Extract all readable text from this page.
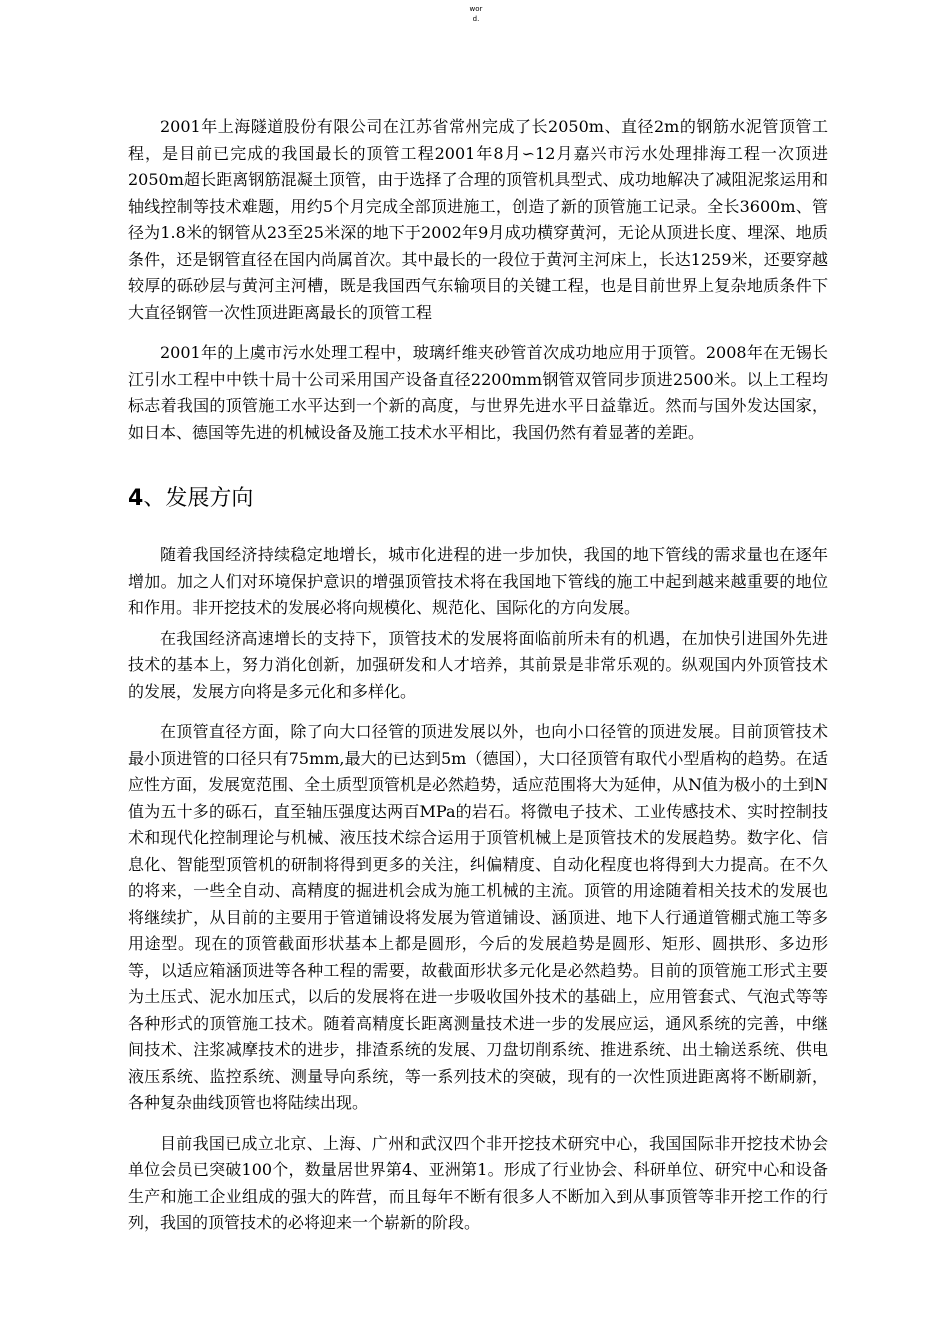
wor
d.

2001年上海隧道股份有限公司在江苏省常州完成了长2050m、直径2m的钢筋水泥管顶管工程，是目前已完成的我国最长的顶管工程2001年8月∽12月嘉兴市污水处理排海工程一次顶进2050m超长距离钢筋混凝土顶管，由于选择了合理的顶管机具型式、成功地解决了减阻泥浆运用和轴线控制等技术难题，用约5个月完成全部顶进施工，创造了新的顶管施工记录。全长3600m、管径为1.8米的钢管从23至25米深的地下于2002年9月成功横穿黄河，无论从顶进长度、埋深、地质条件，还是钢管直径在国内尚属首次。其中最长的一段位于黄河主河床上，长达1259米，还要穿越较厚的砾砂层与黄河主河槽，既是我国西气东输项目的关键工程，也是目前世界上复杂地质条件下大直径钢管一次性顶进距离最长的顶管工程

2001年的上虞市污水处理工程中，玻璃纤维夹砂管首次成功地应用于顶管。2008年在无锡长江引水工程中中铁十局十公司采用国产设备直径2200mm钢管双管同步顶进2500米。以上工程均标志着我国的顶管施工水平达到一个新的高度，与世界先进水平日益靠近。然而与国外发达国家，如日本、德国等先进的机械设备及施工技术水平相比，我国仍然有着显著的差距。

4、发展方向

随着我国经济持续稳定地增长，城市化进程的进一步加快，我国的地下管线的需求量也在逐年增加。加之人们对环境保护意识的增强顶管技术将在我国地下管线的施工中起到越来越重要的地位和作用。非开挖技术的发展必将向规模化、规范化、国际化的方向发展。

在我国经济高速增长的支持下，顶管技术的发展将面临前所未有的机遇，在加快引进国外先进技术的基本上，努力消化创新，加强研发和人才培养，其前景是非常乐观的。纵观国内外顶管技术的发展，发展方向将是多元化和多样化。

在顶管直径方面，除了向大口径管的顶进发展以外，也向小口径管的顶进发展。目前顶管技术最小顶进管的口径只有75mm,最大的已达到5m（德国），大口径顶管有取代小型盾构的趋势。在适应性方面，发展宽范围、全土质型顶管机是必然趋势，适应范围将大为延伸，从N值为极小的土到N值为五十多的砾石，直至轴压强度达两百MPa的岩石。将微电子技术、工业传感技术、实时控制技术和现代化控制理论与机械、液压技术综合运用于顶管机械上是顶管技术的发展趋势。数字化、信息化、智能型顶管机的研制将得到更多的关注，纠偏精度、自动化程度也将得到大力提高。在不久的将来，一些全自动、高精度的掘进机会成为施工机械的主流。顶管的用途随着相关技术的发展也将继续扩，从目前的主要用于管道铺设将发展为管道铺设、涵顶进、地下人行通道管棚式施工等多用途型。现在的顶管截面形状基本上都是圆形，今后的发展趋势是圆形、矩形、圆拱形、多边形等，以适应箱涵顶进等各种工程的需要，故截面形状多元化是必然趋势。目前的顶管施工形式主要为土压式、泥水加压式，以后的发展将在进一步吸收国外技术的基础上，应用管套式、气泡式等等各种形式的顶管施工技术。随着高精度长距离测量技术进一步的发展应运，通风系统的完善，中继间技术、注浆减摩技术的进步，排渣系统的发展、刀盘切削系统、推进系统、出土输送系统、供电液压系统、监控系统、测量导向系统，等一系列技术的突破，现有的一次性顶进距离将不断刷新，各种复杂曲线顶管也将陆续出现。

目前我国已成立北京、上海、广州和武汉四个非开挖技术研究中心，我国国际非开挖技术协会单位会员已突破100个，数量居世界第4、亚洲第1。形成了行业协会、科研单位、研究中心和设备生产和施工企业组成的强大的阵营，而且每年不断有很多人不断加入到从事顶管等非开挖工作的行列，我国的顶管技术的必将迎来一个崭新的阶段。
